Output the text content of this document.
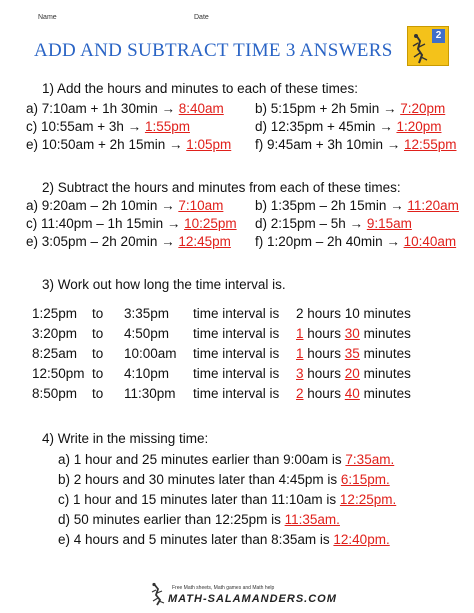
Name	Date
ADD AND SUBTRACT TIME 3 ANSWERS
2
1) Add the hours and minutes to each of these times:
a) 7:10am + 1h 30min → 8:40am b) 5:15pm + 2h 5min → 7:20pm
c) 10:55am + 3h → 1:55pm	d) 12:35pm + 45min → 1:20pm
e) 10:50am + 2h 15min → 1:05pm f) 9:45am + 3h 10min → 12:55pm
2) Subtract the hours and minutes from each of these times:
a) 9:20am – 2h 10min → 7:10am b) 1:35pm – 2h 15min → 11:20am
c) 11:40pm – 1h 15min → 10:25pm d) 2:15pm – 5h → 9:15am
e) 3:05pm – 2h 20min → 12:45pm f) 1:20pm – 2h 40min → 10:40am
3) Work out how long the time interval is.
1:25pm to 3:35pm time interval is 2 hours 10 minutes
3:20pm to 4:50pm time interval is 1 hours 30 minutes
8:25am to 10:00am time interval is 1 hours 35 minutes
12:50pm to 4:10pm time interval is 3 hours 20 minutes
8:50pm to 11:30pm time interval is 2 hours 40 minutes
4) Write in the missing time:
a) 1 hour and 25 minutes earlier than 9:00am is 7:35am.
b) 2 hours and 30 minutes later than 4:45pm is 6:15pm.
c) 1 hour and 15 minutes later than 11:10am is 12:25pm.
d) 50 minutes earlier than 12:25pm is 11:35am.
e) 4 hours and 5 minutes later than 8:35am is 12:40pm.
Free Math sheets, Math games and Math help
MATH-SALAMANDERS.COM
